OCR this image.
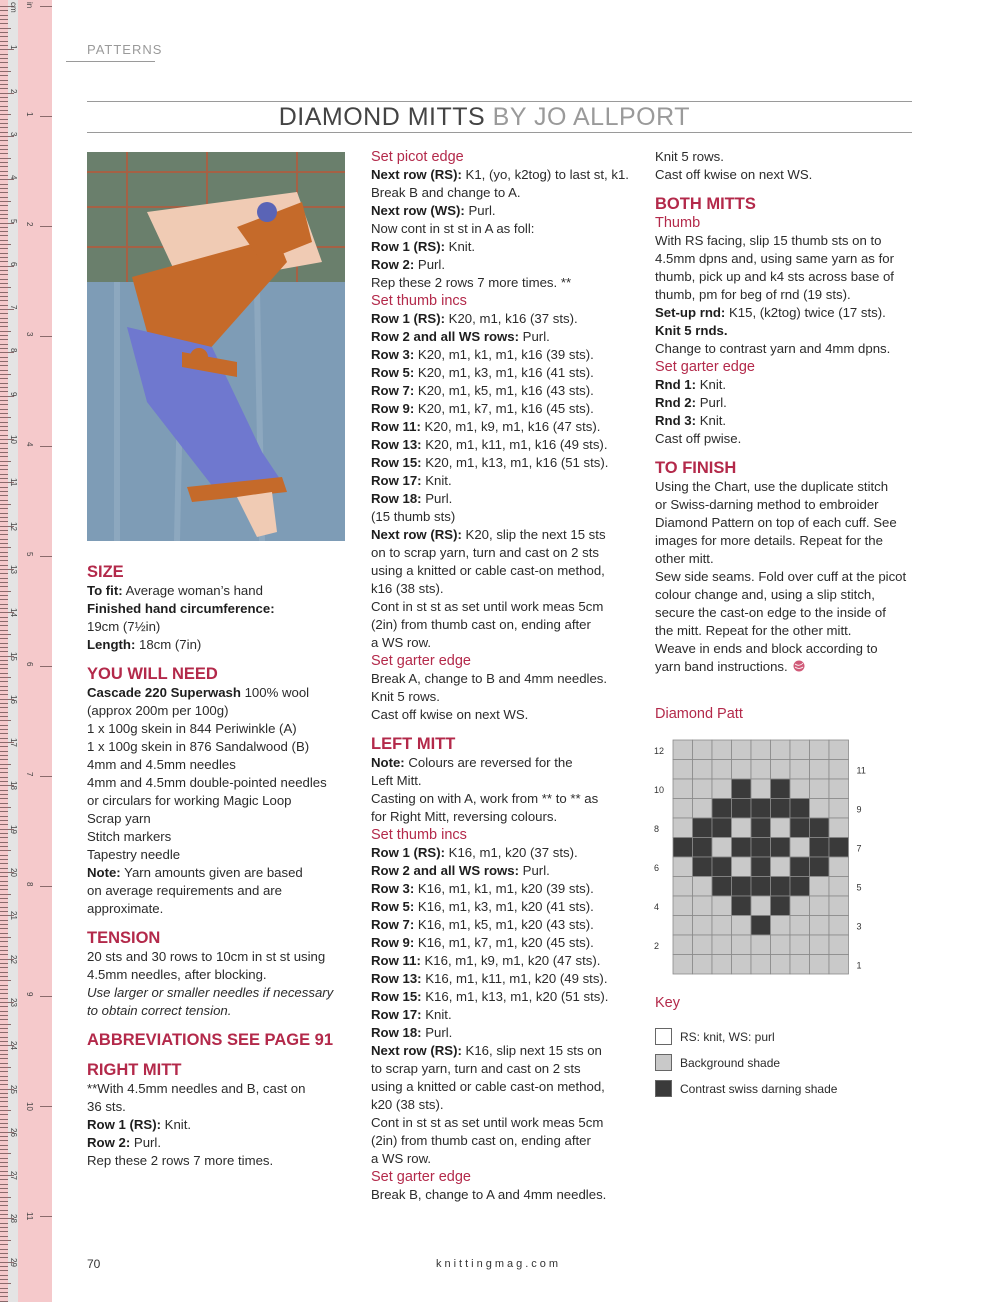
cm
1
2
3
4
5
6
7
8
9
10
11
12
13
14
15
16
17
18
19
20
21
22
23
24
25
26
27
28
29
in
1
2
3
4
5
6
7
8
9
10
11
PATTERNS
DIAMOND MITTS BY JO ALLPORT

SIZE

To fit: Average woman’s hand

Finished hand circumference:

19cm (7½in)

Length: 18cm (7in)

YOU WILL NEED

Cascade 220 Superwash 100% wool

(approx 200m per 100g)

1 x 100g skein in 844 Periwinkle (A)

1 x 100g skein in 876 Sandalwood (B)

4mm and 4.5mm needles

4mm and 4.5mm double-pointed needles

or circulars for working Magic Loop

Scrap yarn

Stitch markers

Tapestry needle

Note: Yarn amounts given are based

on average requirements and are

approximate.

TENSION

20 sts and 30 rows to 10cm in st st using

4.5mm needles, after blocking.

Use larger or smaller needles if necessary

to obtain correct tension.

ABBREVIATIONS SEE PAGE 91

RIGHT MITT

**With 4.5mm needles and B, cast on

36 sts.

Row 1 (RS): Knit.

Row 2: Purl.

Rep these 2 rows 7 more times.

Set picot edge

Next row (RS): K1, (yo, k2tog) to last st, k1.

Break B and change to A.

Next row (WS): Purl.

Now cont in st st in A as foll:

Row 1 (RS): Knit.

Row 2: Purl.

Rep these 2 rows 7 more times. **

Set thumb incs

Row 1 (RS): K20, m1, k16 (37 sts).

Row 2 and all WS rows: Purl.

Row 3: K20, m1, k1, m1, k16 (39 sts).

Row 5: K20, m1, k3, m1, k16 (41 sts).

Row 7: K20, m1, k5, m1, k16 (43 sts).

Row 9: K20, m1, k7, m1, k16 (45 sts).

Row 11: K20, m1, k9, m1, k16 (47 sts).

Row 13: K20, m1, k11, m1, k16 (49 sts).

Row 15: K20, m1, k13, m1, k16 (51 sts).

Row 17: Knit.

Row 18: Purl.

(15 thumb sts)

Next row (RS): K20, slip the next 15 sts

on to scrap yarn, turn and cast on 2 sts

using a knitted or cable cast-on method,

k16 (38 sts).

Cont in st st as set until work meas 5cm

(2in) from thumb cast on, ending after

a WS row.

Set garter edge

Break A, change to B and 4mm needles.

Knit 5 rows.

Cast off kwise on next WS.

LEFT MITT

Note: Colours are reversed for the

Left Mitt.

Casting on with A, work from ** to ** as

for Right Mitt, reversing colours.

Set thumb incs

Row 1 (RS): K16, m1, k20 (37 sts).

Row 2 and all WS rows: Purl.

Row 3: K16, m1, k1, m1, k20 (39 sts).

Row 5: K16, m1, k3, m1, k20 (41 sts).

Row 7: K16, m1, k5, m1, k20 (43 sts).

Row 9: K16, m1, k7, m1, k20 (45 sts).

Row 11: K16, m1, k9, m1, k20 (47 sts).

Row 13: K16, m1, k11, m1, k20 (49 sts).

Row 15: K16, m1, k13, m1, k20 (51 sts).

Row 17: Knit.

Row 18: Purl.

Next row (RS): K16, slip next 15 sts on

to scrap yarn, turn and cast on 2 sts

using a knitted or cable cast-on method,

k20 (38 sts).

Cont in st st as set until work meas 5cm

(2in) from thumb cast on, ending after

a WS row.

Set garter edge

Break B, change to A and 4mm needles.

Knit 5 rows.

Cast off kwise on next WS.

BOTH MITTS

Thumb

With RS facing, slip 15 thumb sts on to

4.5mm dpns and, using same yarn as for

thumb, pick up and k4 sts across base of

thumb, pm for beg of rnd (19 sts).

Set-up rnd: K15, (k2tog) twice (17 sts).

Knit 5 rnds.

Change to contrast yarn and 4mm dpns.

Set garter edge

Rnd 1: Knit.

Rnd 2: Purl.

Rnd 3: Knit.

Cast off pwise.

TO FINISH

Using the Chart, use the duplicate stitch

or Swiss-darning method to embroider

Diamond Pattern on top of each cuff. See

images for more details. Repeat for the

other mitt.

Sew side seams. Fold over cuff at the picot

colour change and, using a slip stitch,

secure the cast-on edge to the inside of

the mitt. Repeat for the other mitt.

Weave in ends and block according to

yarn band instructions.

Diamond Patt
12
10
8
6
4
2
11
9
7
5
3
1
Key
RS: knit, WS: purl
Background shade
Contrast swiss darning shade
70	knittingmag.com
